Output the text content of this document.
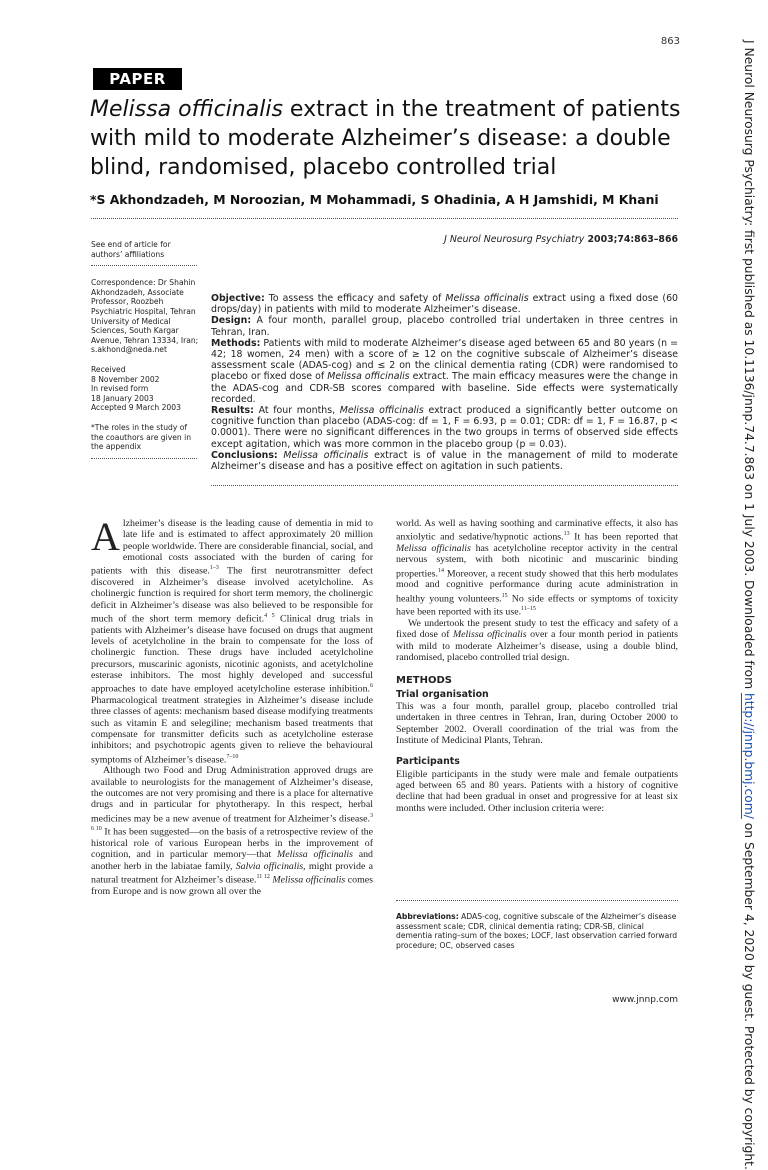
863	J Neurol Neurosurg Psychiatry: first published as 10.1136/jnnp.74.7.863 on 1 July 2003. Downloaded from http://jnnp.bmj.com/ on September 4, 2020 by guest. Protected by copyright.
PAPER
Melissa officinalis extract in the treatment of patients with mild to moderate Alzheimer’s disease: a double blind, randomised, placebo controlled trial
*S Akhondzadeh, M Noroozian, M Mohammadi, S Ohadinia, A H Jamshidi, M Khani
J Neurol Neurosurg Psychiatry 2003;74:863–866

See end of article for authors’ affiliations

Correspondence: Dr Shahin Akhondzadeh, Associate Professor, Roozbeh Psychiatric Hospital, Tehran University of Medical Sciences, South Kargar Avenue, Tehran 13334, Iran; s.akhond@neda.net

Received

8 November 2002

In revised form

18 January 2003

Accepted 9 March 2003

*The roles in the study of the coauthors are given in the appendix

Objective: To assess the efficacy and safety of Melissa officinalis extract using a fixed dose (60 drops/day) in patients with mild to moderate Alzheimer’s disease.

Design: A four month, parallel group, placebo controlled trial undertaken in three centres in Tehran, Iran.

Methods: Patients with mild to moderate Alzheimer’s disease aged between 65 and 80 years (n = 42; 18 women, 24 men) with a score of ≥ 12 on the cognitive subscale of Alzheimer’s disease assessment scale (ADAS-cog) and ≤ 2 on the clinical dementia rating (CDR) were randomised to placebo or fixed dose of Melissa officinalis extract. The main efficacy measures were the change in the ADAS-cog and CDR-SB scores compared with baseline. Side effects were systematically recorded.

Results: At four months, Melissa officinalis extract produced a significantly better outcome on cognitive function than placebo (ADAS-cog: df = 1, F = 6.93, p = 0.01; CDR: df = 1, F = 16.87, p < 0.0001). There were no significant differences in the two groups in terms of observed side effects except agitation, which was more common in the placebo group (p = 0.03).

Conclusions: Melissa officinalis extract is of value in the management of mild to moderate Alzheimer’s disease and has a positive effect on agitation in such patients.

Alzheimer’s disease is the leading cause of dementia in mid to late life and is estimated to affect approximately 20 million people worldwide. There are considerable financial, social, and emotional costs associated with the burden of caring for patients with this disease.$^{1-3}$ The first neurotransmitter defect discovered in Alzheimer’s disease involved acetylcholine. As cholinergic function is required for short term memory, the cholinergic deficit in Alzheimer’s disease was also believed to be responsible for much of the short term memory deficit.$^{4 5}$ Clinical drug trials in patients with Alzheimer’s disease have focused on drugs that augment levels of acetylcholine in the brain to compensate for the loss of cholinergic function. These drugs have included acetylcholine precursors, muscarinic agonists, nicotinic agonists, and acetylcholine esterase inhibitors. The most highly developed and successful approaches to date have employed acetylcholine esterase inhibition.$^6$ Pharmacological treatment strategies in Alzheimer’s disease include three classes of agents: mechanism based disease modifying treatments such as vitamin E and selegiline; mechanism based treatments that compensate for transmitter deficits such as acetylcholine esterase inhibitors; and psychotropic agents given to relieve the behavioural symptoms of Alzheimer’s disease.$^{7-10}$

Although two Food and Drug Administration approved drugs are available to neurologists for the management of Alzheimer’s disease, the outcomes are not very promising and there is a place for alternative drugs and in particular for phytotherapy. In this respect, herbal medicines may be a new avenue of treatment for Alzheimer’s disease.$^{3 6 10}$ It has been suggested—on the basis of a retrospective review of the historical role of various European herbs in the improvement of cognition, and in particular memory—that Melissa officinalis and another herb in the labiatae family, Salvia officinalis, might provide a natural treatment for Alzheimer’s disease.$^{11 12}$ Melissa officinalis comes from Europe and is now grown all over the

world. As well as having soothing and carminative effects, it also has anxiolytic and sedative/hypnotic actions.$^{13}$ It has been reported that Melissa officinalis has acetylcholine receptor activity in the central nervous system, with both nicotinic and muscarinic binding properties.$^{14}$ Moreover, a recent study showed that this herb modulates mood and cognitive performance during acute administration in healthy young volunteers.$^{15}$ No side effects or symptoms of toxicity have been reported with its use.$^{11-15}$

We undertook the present study to test the efficacy and safety of a fixed dose of Melissa officinalis over a four month period in patients with mild to moderate Alzheimer’s disease, using a double blind, randomised, placebo controlled trial design.

METHODS
Trial organisation

This was a four month, parallel group, placebo controlled trial undertaken in three centres in Tehran, Iran, during October 2000 to September 2002. Overall coordination of the trial was from the Institute of Medicinal Plants, Tehran.

Participants

Eligible participants in the study were male and female outpatients aged between 65 and 80 years. Patients with a history of cognitive decline that had been gradual in onset and progressive for at least six months were included. Other inclusion criteria were:

Abbreviations: ADAS-cog, cognitive subscale of the Alzheimer’s disease assessment scale; CDR, clinical dementia rating; CDR-SB, clinical dementia rating–sum of the boxes; LOCF, last observation carried forward procedure; OC, observed cases
www.jnnp.com
